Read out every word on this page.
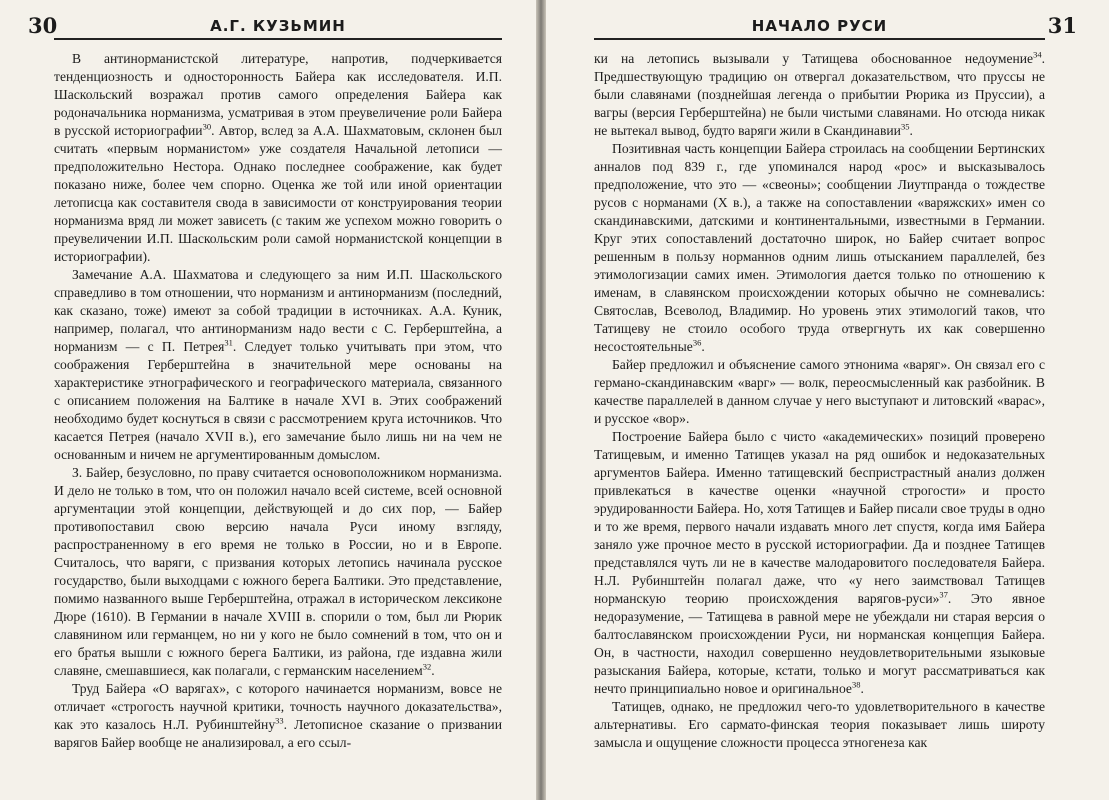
30	А.Г. КУЗЬМИН

В антинорманистской литературе, напротив, подчеркивается тенденциозность и односторонность Байера как исследователя. И.П. Шаскольский возражал против самого определения Байера как родоначальника норманизма, усматривая в этом преувеличение роли Байера в русской историографии$^{30}$. Автор, вслед за А.А. Шахматовым, склонен был считать «первым норманистом» уже создателя Начальной летописи — предположительно Нестора. Однако последнее соображение, как будет показано ниже, более чем спорно. Оценка же той или иной ориентации летописца как составителя свода в зависимости от конструирования теории норманизма вряд ли может зависеть (с таким же успехом можно говорить о преувеличении И.П. Шаскольским роли самой норманистской концепции в историографии).

Замечание А.А. Шахматова и следующего за ним И.П. Шаскольского справедливо в том отношении, что норманизм и антинорманизм (последний, как сказано, тоже) имеют за собой традиции в источниках. А.А. Куник, например, полагал, что антинорманизм надо вести с С. Герберштейна, а норманизм — с П. Петрея$^{31}$. Следует только учитывать при этом, что соображения Герберштейна в значительной мере основаны на характеристике этнографического и географического материала, связанного с описанием положения на Балтике в начале XVI в. Этих соображений необходимо будет коснуться в связи с рассмотрением круга источников. Что касается Петрея (начало XVII в.), его замечание было лишь ни на чем не основанным и ничем не аргументированным домыслом.

З. Байер, безусловно, по праву считается основоположником норманизма. И дело не только в том, что он положил начало всей системе, всей основной аргументации этой концепции, действующей и до сих пор, — Байер противопоставил свою версию начала Руси иному взгляду, распространенному в его время не только в России, но и в Европе. Считалось, что варяги, с призвания которых летопись начинала русское государство, были выходцами с южного берега Балтики. Это представление, помимо названного выше Герберштейна, отражал в историческом лексиконе Дюре (1610). В Германии в начале XVIII в. спорили о том, был ли Рюрик славянином или германцем, но ни у кого не было сомнений в том, что он и его братья вышли с южного берега Балтики, из района, где издавна жили славяне, смешавшиеся, как полагали, с германским населением$^{32}$.

Труд Байера «О варягах», с которого начинается норманизм, вовсе не отличает «строгость научной критики, точность научного доказательства», как это казалось Н.Л. Рубинштейну$^{33}$. Летописное сказание о призвании варягов Байер вообще не анализировал, а его ссыл-

НАЧАЛО РУСИ	31

ки на летопись вызывали у Татищева обоснованное недоумение$^{34}$. Предшествующую традицию он отвергал доказательством, что пруссы не были славянами (позднейшая легенда о прибытии Рюрика из Пруссии), а вагры (версия Герберштейна) не были чистыми славянами. Но отсюда никак не вытекал вывод, будто варяги жили в Скандинавии$^{35}$.

Позитивная часть концепции Байера строилась на сообщении Бертинских анналов под 839 г., где упоминался народ «рос» и высказывалось предположение, что это — «свеоны»; сообщении Лиутпранда о тождестве русов с норманами (X в.), а также на сопоставлении «варяжских» имен со скандинавскими, датскими и континентальными, известными в Германии. Круг этих сопоставлений достаточно широк, но Байер считает вопрос решенным в пользу норманнов одним лишь отысканием параллелей, без этимологизации самих имен. Этимология дается только по отношению к именам, в славянском происхождении которых обычно не сомневались: Святослав, Всеволод, Владимир. Но уровень этих этимологий таков, что Татищеву не стоило особого труда отвергнуть их как совершенно несостоятельные$^{36}$.

Байер предложил и объяснение самого этнонима «варяг». Он связал его с германо-скандинавским «варг» — волк, переосмысленный как разбойник. В качестве параллелей в данном случае у него выступают и литовский «варас», и русское «вор».

Построение Байера было с чисто «академических» позиций проверено Татищевым, и именно Татищев указал на ряд ошибок и недоказательных аргументов Байера. Именно татищевский беспристрастный анализ должен привлекаться в качестве оценки «научной строгости» и просто эрудированности Байера. Но, хотя Татищев и Байер писали свое труды в одно и то же время, первого начали издавать много лет спустя, когда имя Байера заняло уже прочное место в русской историографии. Да и позднее Татищев представлялся чуть ли не в качестве малодаровитого последователя Байера. Н.Л. Рубинштейн полагал даже, что «у него заимствовал Татищев норманскую теорию происхождения варягов-руси»$^{37}$. Это явное недоразумение, — Татищева в равной мере не убеждали ни старая версия о балтославянском происхождении Руси, ни норманская концепция Байера. Он, в частности, находил совершенно неудовлетворительными языковые разыскания Байера, которые, кстати, только и могут рассматриваться как нечто принципиально новое и оригинальное$^{38}$.

Татищев, однако, не предложил чего-то удовлетворительного в качестве альтернативы. Его сармато-финская теория показывает лишь широту замысла и ощущение сложности процесса этногенеза как
